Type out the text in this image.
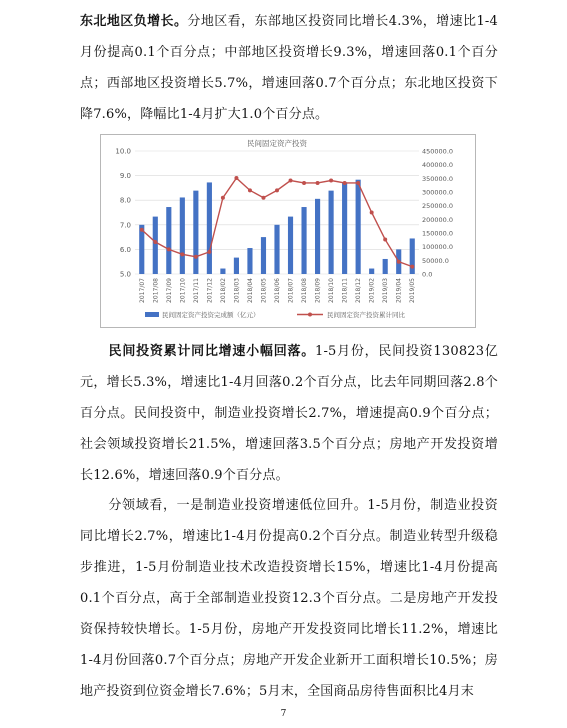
东北地区负增长。分地区看，东部地区投资同比增长4.3%，增速比1-4月份提高0.1个百分点；中部地区投资增长9.3%，增速回落0.1个百分点；西部地区投资增长5.7%，增速回落0.7个百分点；东北地区投资下降7.6%，降幅比1-4月扩大1.0个百分点。

民间固定资产投资
5.0
6.0
7.0
8.0
9.0
10.0
0.0
50000.0
100000.0
150000.0
200000.0
250000.0
300000.0
350000.0
400000.0
450000.0
2017/07 2017/08 2017/09 2017/10 2017/11 2017/12 2018/02 2018/03 2018/04 2018/05 2018/06 2018/07 2018/08 2018/09 2018/10 2018/11 2018/12 2019/02 2019/03 2019/04 2019/05
民间固定资产投资完成额（亿元）	民间固定资产投资累计同比

民间投资累计同比增速小幅回落。1-5月份，民间投资130823亿元，增长5.3%，增速比1-4月回落0.2个百分点，比去年同期回落2.8个百分点。民间投资中，制造业投资增长2.7%，增速提高0.9个百分点；社会领域投资增长21.5%，增速回落3.5个百分点；房地产开发投资增长12.6%，增速回落0.9个百分点。

分领域看，一是制造业投资增速低位回升。1-5月份，制造业投资同比增长2.7%，增速比1-4月份提高0.2个百分点。制造业转型升级稳步推进，1-5月份制造业技术改造投资增长15%，增速比1-4月份提高0.1个百分点，高于全部制造业投资12.3个百分点。二是房地产开发投资保持较快增长。1-5月份，房地产开发投资同比增长11.2%，增速比1-4月份回落0.7个百分点；房地产开发企业新开工面积增长10.5%；房地产投资到位资金增长7.6%；5月末，全国商品房待售面积比4月末

7
